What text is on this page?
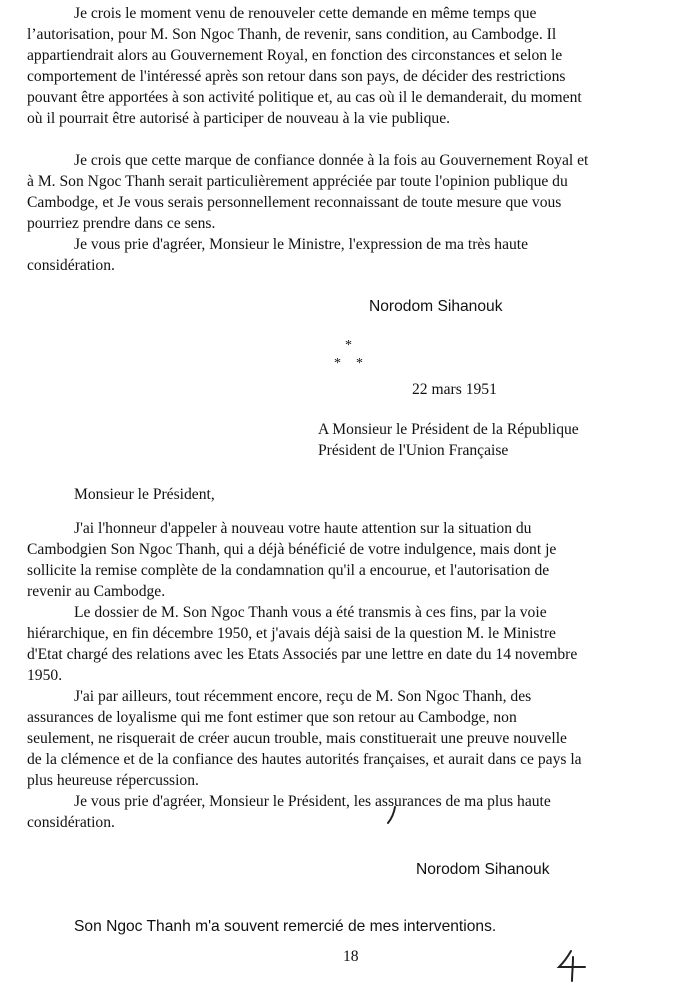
Je crois le moment venu de renouveler cette demande en même temps que
l’autorisation, pour M. Son Ngoc Thanh, de revenir, sans condition, au Cambodge. Il
appartiendrait alors au Gouvernement Royal, en fonction des circonstances et selon le
comportement de l'intéressé après son retour dans son pays, de décider des restrictions
pouvant être apportées à son activité politique et, au cas où il le demanderait, du moment
où il pourrait être autorisé à participer de nouveau à la vie publique.

Je crois que cette marque de confiance donnée à la fois au Gouvernement Royal et
à M. Son Ngoc Thanh serait particulièrement appréciée par toute l'opinion publique du
Cambodge, et Je vous serais personnellement reconnaissant de toute mesure que vous
pourriez prendre dans ce sens.

Je vous prie d'agréer, Monsieur le Ministre, l'expression de ma très haute
considération.

Norodom Sihanouk

*
* *

22 mars 1951

A Monsieur le Président de la République

Président de l'Union Française

Monsieur le Président,

J'ai l'honneur d'appeler à nouveau votre haute attention sur la situation du
Cambodgien Son Ngoc Thanh, qui a déjà bénéficié de votre indulgence, mais dont je
sollicite la remise complète de la condamnation qu'il a encourue, et l'autorisation de
revenir au Cambodge.

Le dossier de M. Son Ngoc Thanh vous a été transmis à ces fins, par la voie
hiérarchique, en fin décembre 1950, et j'avais déjà saisi de la question M. le Ministre
d'Etat chargé des relations avec les Etats Associés par une lettre en date du 14 novembre
1950.

J'ai par ailleurs, tout récemment encore, reçu de M. Son Ngoc Thanh, des
assurances de loyalisme qui me font estimer que son retour au Cambodge, non
seulement, ne risquerait de créer aucun trouble, mais constituerait une preuve nouvelle
de la clémence et de la confiance des hautes autorités françaises, et aurait dans ce pays la
plus heureuse répercussion.

Je vous prie d'agréer, Monsieur le Président, les assurances de ma plus haute
considération.

Norodom Sihanouk

Son Ngoc Thanh m'a souvent remercié de mes interventions.

18
